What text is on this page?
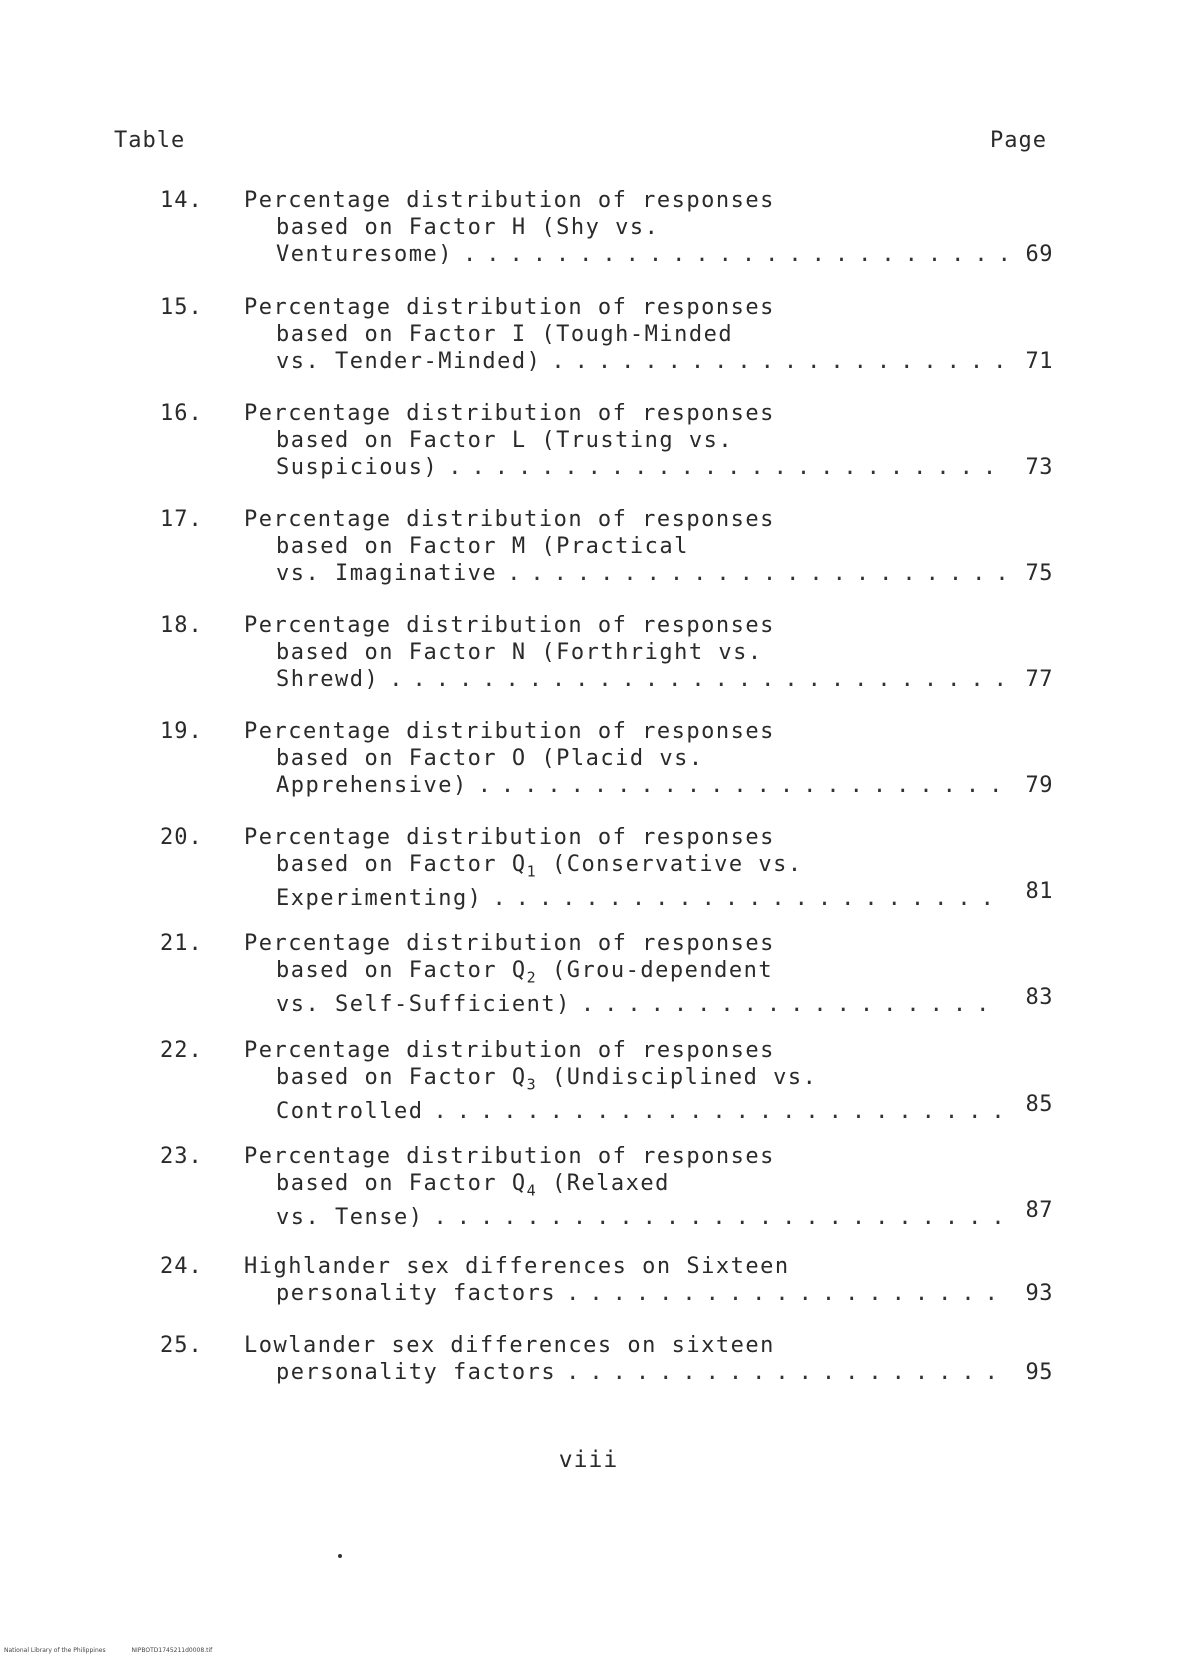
Table	Page
14. Percentage distribution of responses
based on Factor H (Shy vs.
Venturesome) ........................ 69
15. Percentage distribution of responses
based on Factor I (Tough-Minded
vs. Tender-Minded) .................... 71
16. Percentage distribution of responses
based on Factor L (Trusting vs.
Suspicious) ........................ 73
17. Percentage distribution of responses
based on Factor M (Practical
vs. Imaginative ...................... 75
18. Percentage distribution of responses
based on Factor N (Forthright vs.
Shrewd) ........................... 77
19. Percentage distribution of responses
based on Factor O (Placid vs.
Apprehensive) ....................... 79
20. Percentage distribution of responses
based on Factor $Q_1$ (Conservative vs.
Experimenting) ...................... 81
21. Percentage distribution of responses
based on Factor $Q_2$ (Grou-dependent
vs. Self-Sufficient) .................. 83
22. Percentage distribution of responses
based on Factor $Q_3$ (Undisciplined vs.
Controlled ......................... 85
23. Percentage distribution of responses
based on Factor $Q_4$ (Relaxed
vs. Tense) ......................... 87
24. Highlander sex differences on Sixteen
personality factors ................... 93
25. Lowlander sex differences on sixteen
personality factors ................... 95
viii
National Library of the Philippines	NIPBOTD1745211d0008.tif
